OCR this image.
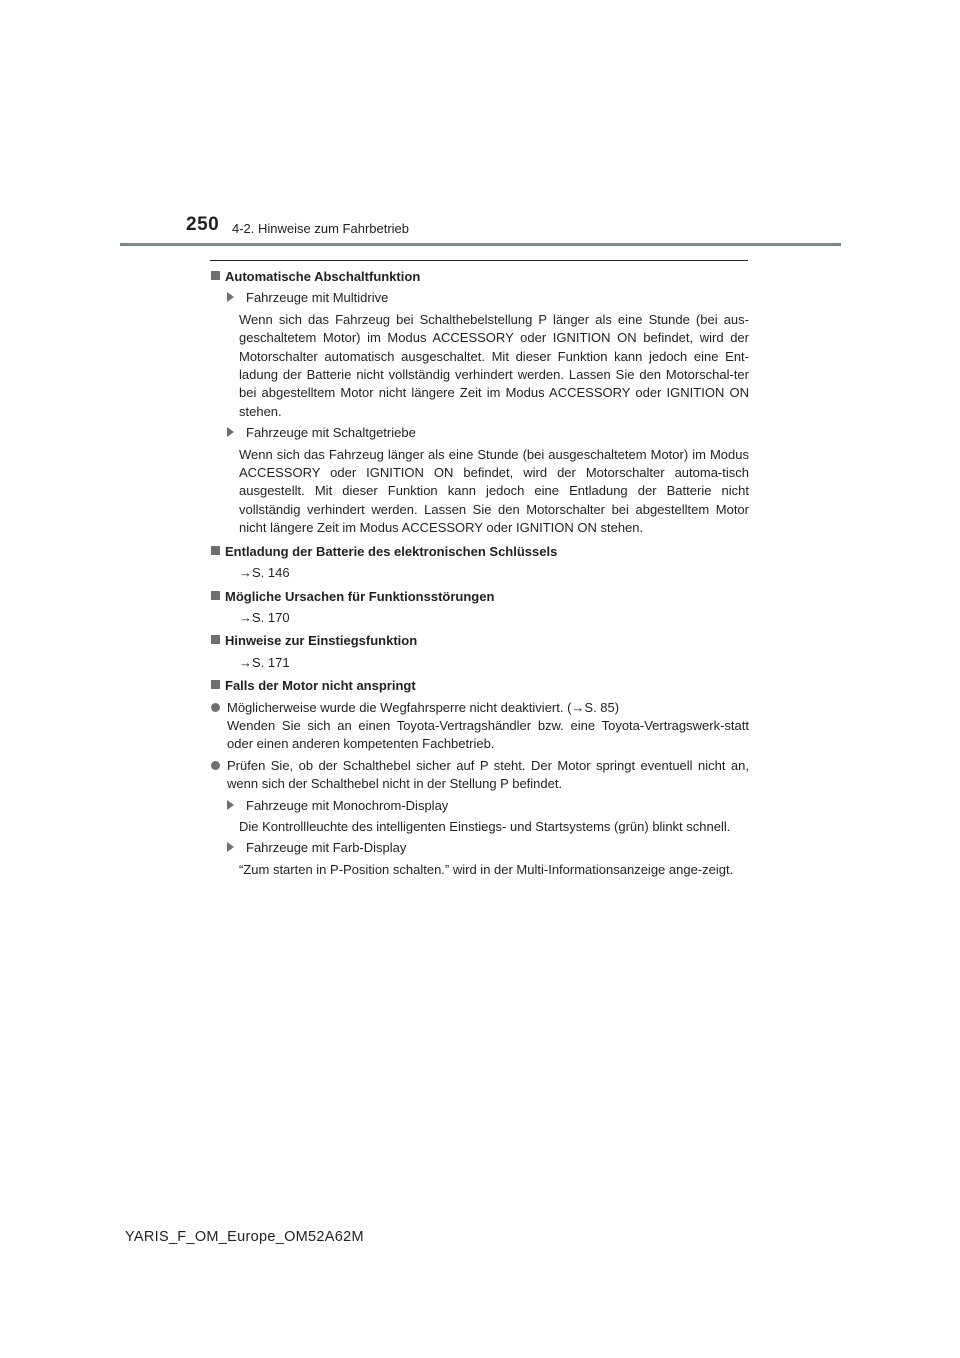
250 4-2. Hinweise zum Fahrbetrieb
Automatische Abschaltfunktion
Fahrzeuge mit Multidrive
Wenn sich das Fahrzeug bei Schalthebelstellung P länger als eine Stunde (bei aus-geschaltetem Motor) im Modus ACCESSORY oder IGNITION ON befindet, wird der Motorschalter automatisch ausgeschaltet. Mit dieser Funktion kann jedoch eine Ent-ladung der Batterie nicht vollständig verhindert werden. Lassen Sie den Motorschal-ter bei abgestelltem Motor nicht längere Zeit im Modus ACCESSORY oder IGNITION ON stehen.
Fahrzeuge mit Schaltgetriebe
Wenn sich das Fahrzeug länger als eine Stunde (bei ausgeschaltetem Motor) im Modus ACCESSORY oder IGNITION ON befindet, wird der Motorschalter automa-tisch ausgestellt. Mit dieser Funktion kann jedoch eine Entladung der Batterie nicht vollständig verhindert werden. Lassen Sie den Motorschalter bei abgestelltem Motor nicht längere Zeit im Modus ACCESSORY oder IGNITION ON stehen.
Entladung der Batterie des elektronischen Schlüssels
→S. 146
Mögliche Ursachen für Funktionsstörungen
→S. 170
Hinweise zur Einstiegsfunktion
→S. 171
Falls der Motor nicht anspringt
Möglicherweise wurde die Wegfahrsperre nicht deaktiviert. (→S. 85)
Wenden Sie sich an einen Toyota-Vertragshändler bzw. eine Toyota-Vertragswerk-statt oder einen anderen kompetenten Fachbetrieb.
Prüfen Sie, ob der Schalthebel sicher auf P steht. Der Motor springt eventuell nicht an, wenn sich der Schalthebel nicht in der Stellung P befindet.
Fahrzeuge mit Monochrom-Display
Die Kontrollleuchte des intelligenten Einstiegs- und Startsystems (grün) blinkt schnell.
Fahrzeuge mit Farb-Display
“Zum starten in P-Position schalten.” wird in der Multi-Informationsanzeige ange-zeigt.
YARIS_F_OM_Europe_OM52A62M
